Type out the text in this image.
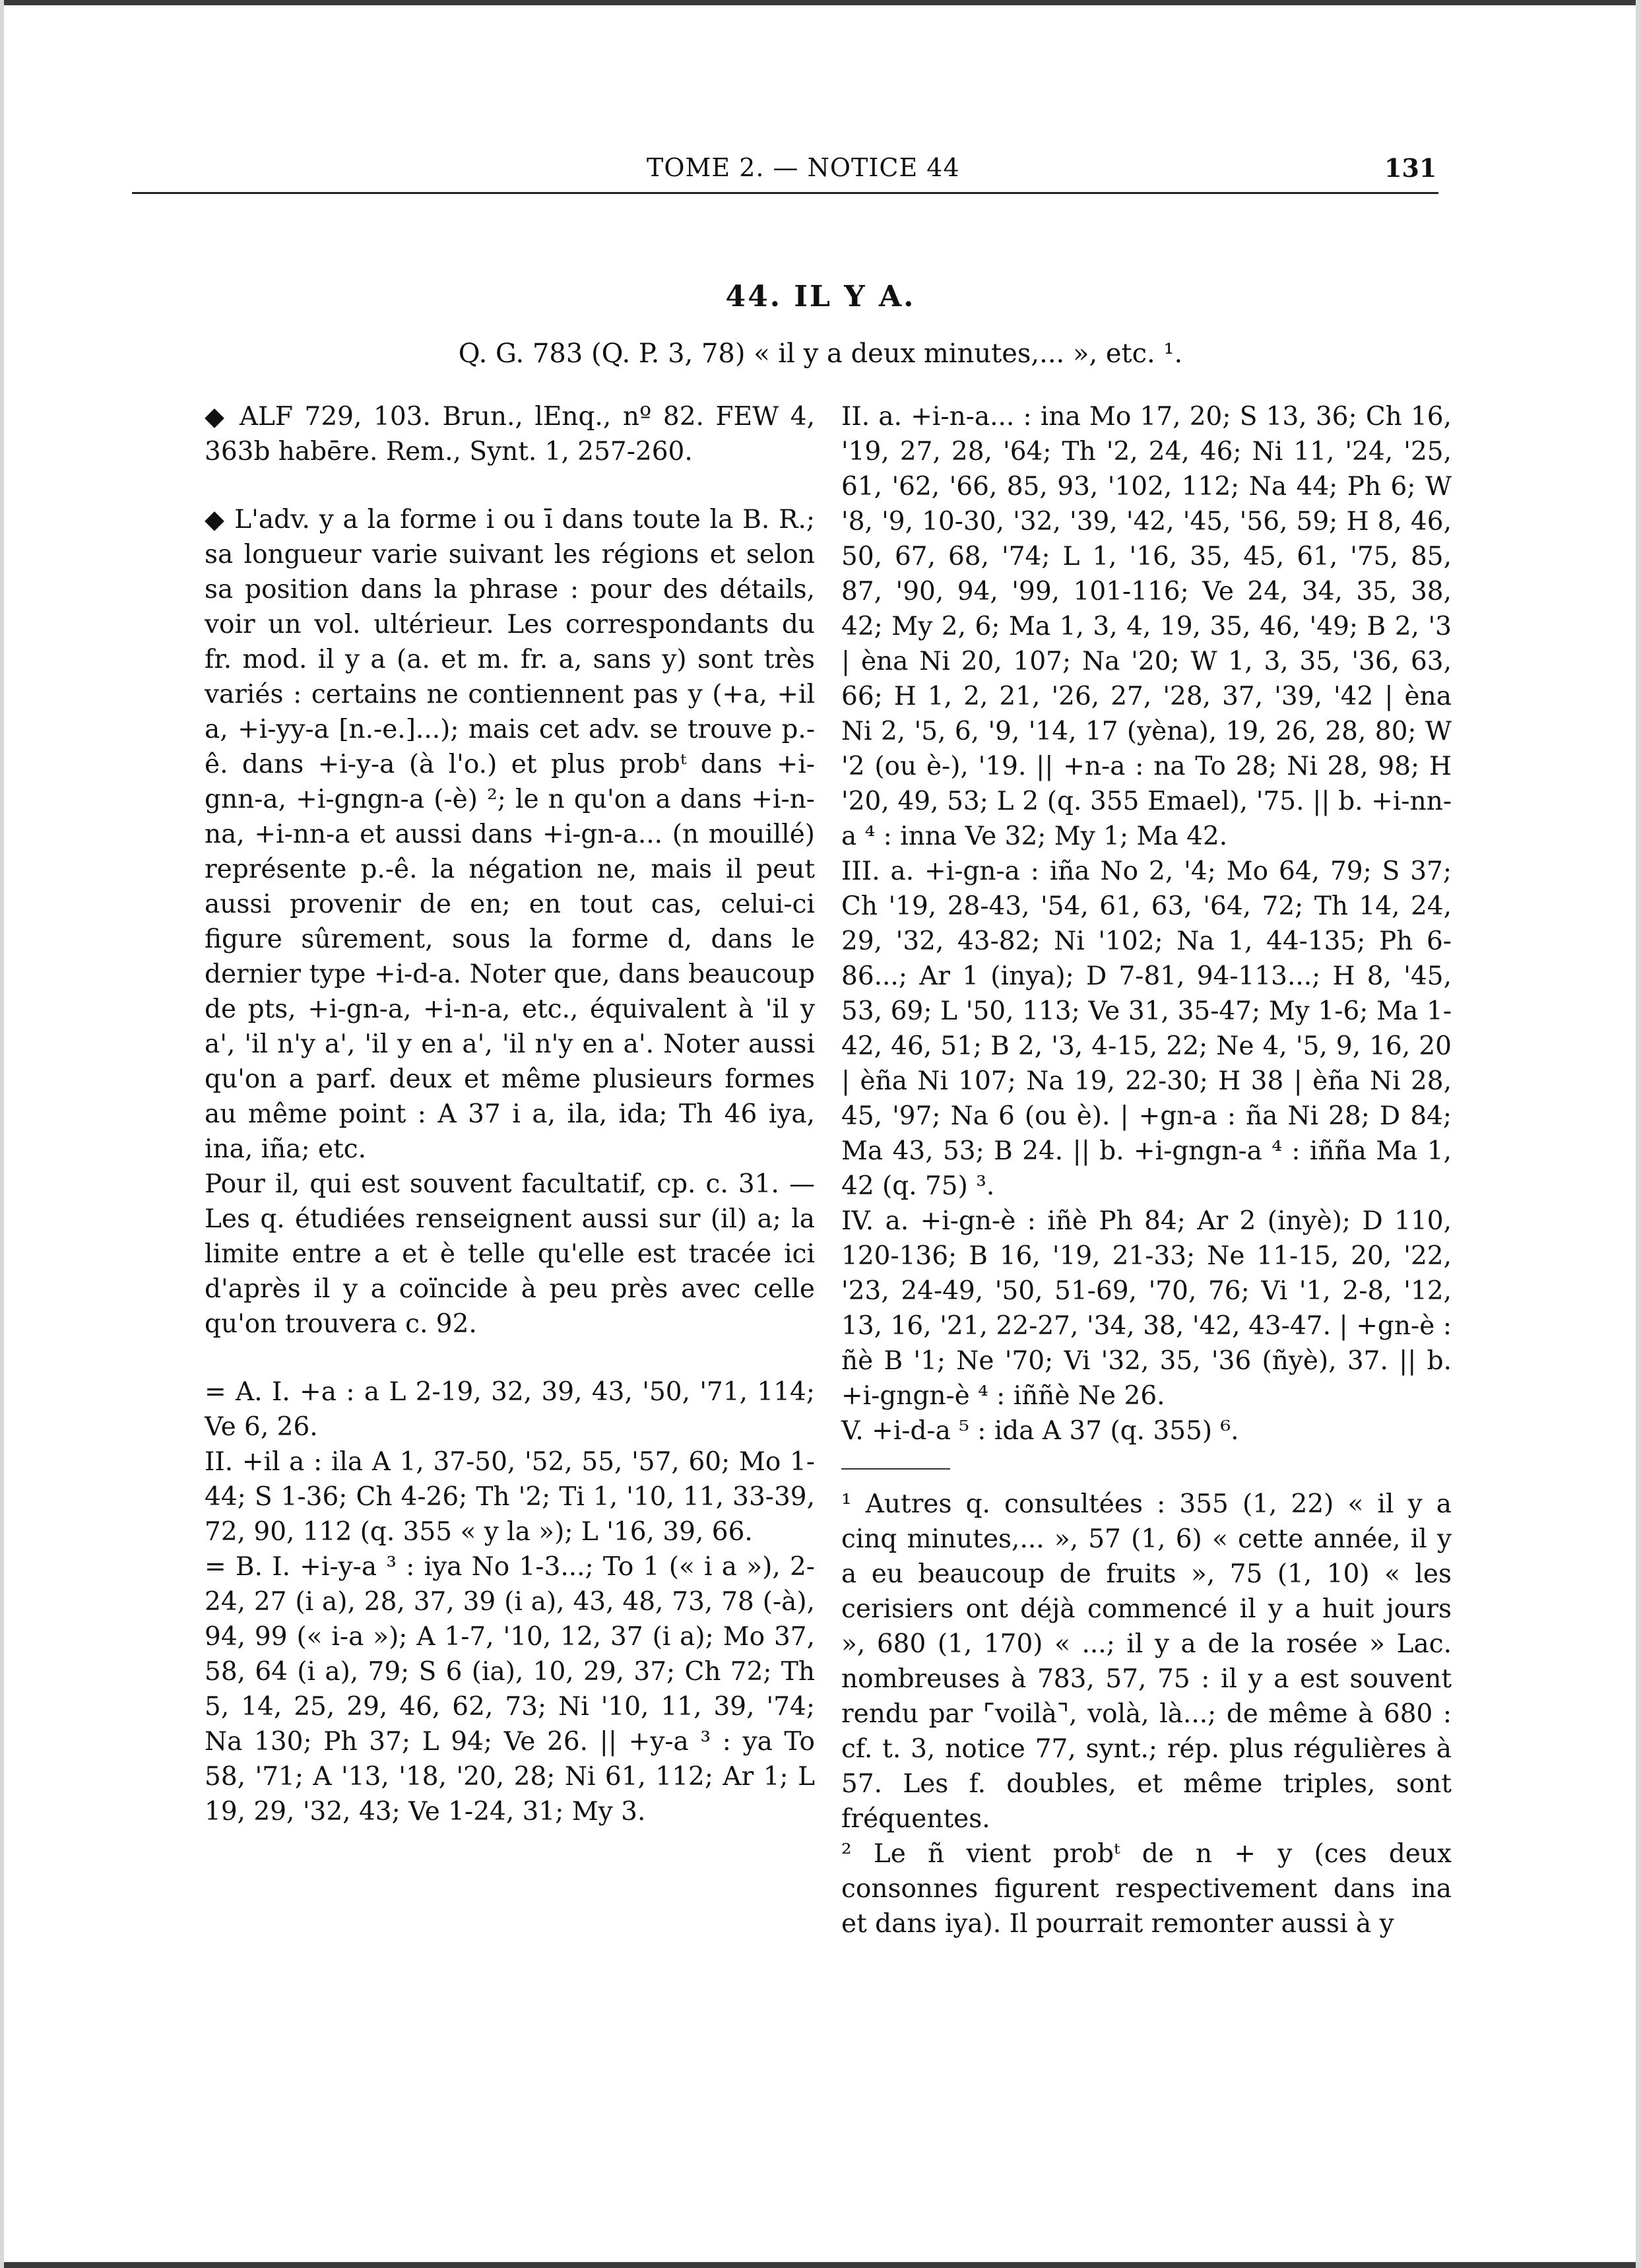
TOME 2. — NOTICE 44	131
44. IL Y A.
Q. G. 783 (Q. P. 3, 78) « il y a deux minutes,... », etc. ¹.

◆ ALF 729, 103. Brun., lEnq., nº 82. FEW 4, 363b habēre. Rem., Synt. 1, 257-260.

◆ L'adv. y a la forme i ou ī dans toute la B. R.; sa longueur varie suivant les régions et selon sa position dans la phrase : pour des détails, voir un vol. ultérieur. Les correspondants du fr. mod. il y a (a. et m. fr. a, sans y) sont très variés : certains ne contiennent pas y (+a, +il a, +i-yy-a [n.-e.]...); mais cet adv. se trouve p.-ê. dans +i-y-a (à l'o.) et plus probᵗ dans +i-gnn-a, +i-gngn-a (-è) ²; le n qu'on a dans +i-n-na, +i-nn-a et aussi dans +i-gn-a... (n mouillé) représente p.-ê. la négation ne, mais il peut aussi provenir de en; en tout cas, celui-ci figure sûrement, sous la forme d, dans le dernier type +i-d-a. Noter que, dans beaucoup de pts, +i-gn-a, +i-n-a, etc., équivalent à 'il y a', 'il n'y a', 'il y en a', 'il n'y en a'. Noter aussi qu'on a parf. deux et même plusieurs formes au même point : A 37 i a, ila, ida; Th 46 iya, ina, iña; etc.

Pour il, qui est souvent facultatif, cp. c. 31. — Les q. étudiées renseignent aussi sur (il) a; la limite entre a et è telle qu'elle est tracée ici d'après il y a coïncide à peu près avec celle qu'on trouvera c. 92.

= A. I. +a : a L 2-19, 32, 39, 43, '50, '71, 114; Ve 6, 26.

II. +il a : ila A 1, 37-50, '52, 55, '57, 60; Mo 1-44; S 1-36; Ch 4-26; Th '2; Ti 1, '10, 11, 33-39, 72, 90, 112 (q. 355 « y la »); L '16, 39, 66.

= B. I. +i-y-a ³ : iya No 1-3...; To 1 (« i a »), 2-24, 27 (i a), 28, 37, 39 (i a), 43, 48, 73, 78 (-à), 94, 99 (« i-a »); A 1-7, '10, 12, 37 (i a); Mo 37, 58, 64 (i a), 79; S 6 (ia), 10, 29, 37; Ch 72; Th 5, 14, 25, 29, 46, 62, 73; Ni '10, 11, 39, '74; Na 130; Ph 37; L 94; Ve 26. || +y-a ³ : ya To 58, '71; A '13, '18, '20, 28; Ni 61, 112; Ar 1; L 19, 29, '32, 43; Ve 1-24, 31; My 3.

II. a. +i-n-a... : ina Mo 17, 20; S 13, 36; Ch 16, '19, 27, 28, '64; Th '2, 24, 46; Ni 11, '24, '25, 61, '62, '66, 85, 93, '102, 112; Na 44; Ph 6; W '8, '9, 10-30, '32, '39, '42, '45, '56, 59; H 8, 46, 50, 67, 68, '74; L 1, '16, 35, 45, 61, '75, 85, 87, '90, 94, '99, 101-116; Ve 24, 34, 35, 38, 42; My 2, 6; Ma 1, 3, 4, 19, 35, 46, '49; B 2, '3 | èna Ni 20, 107; Na '20; W 1, 3, 35, '36, 63, 66; H 1, 2, 21, '26, 27, '28, 37, '39, '42 | èna Ni 2, '5, 6, '9, '14, 17 (yèna), 19, 26, 28, 80; W '2 (ou è-), '19. || +n-a : na To 28; Ni 28, 98; H '20, 49, 53; L 2 (q. 355 Emael), '75. || b. +i-nn-a ⁴ : inna Ve 32; My 1; Ma 42.

III. a. +i-gn-a : iña No 2, '4; Mo 64, 79; S 37; Ch '19, 28-43, '54, 61, 63, '64, 72; Th 14, 24, 29, '32, 43-82; Ni '102; Na 1, 44-135; Ph 6-86...; Ar 1 (inya); D 7-81, 94-113...; H 8, '45, 53, 69; L '50, 113; Ve 31, 35-47; My 1-6; Ma 1-42, 46, 51; B 2, '3, 4-15, 22; Ne 4, '5, 9, 16, 20 | èña Ni 107; Na 19, 22-30; H 38 | èña Ni 28, 45, '97; Na 6 (ou è). | +gn-a : ña Ni 28; D 84; Ma 43, 53; B 24. || b. +i-gngn-a ⁴ : iñña Ma 1, 42 (q. 75) ³.

IV. a. +i-gn-è : iñè Ph 84; Ar 2 (inyè); D 110, 120-136; B 16, '19, 21-33; Ne 11-15, 20, '22, '23, 24-49, '50, 51-69, '70, 76; Vi '1, 2-8, '12, 13, 16, '21, 22-27, '34, 38, '42, 43-47. | +gn-è : ñè B '1; Ne '70; Vi '32, 35, '36 (ñyè), 37. || b. +i-gngn-è ⁴ : iññè Ne 26.

V. +i-d-a ⁵ : ida A 37 (q. 355) ⁶.

¹ Autres q. consultées : 355 (1, 22) « il y a cinq minutes,... », 57 (1, 6) « cette année, il y a eu beaucoup de fruits », 75 (1, 10) « les cerisiers ont déjà commencé il y a huit jours », 680 (1, 170) « ...; il y a de la rosée » Lac. nombreuses à 783, 57, 75 : il y a est souvent rendu par ⌜voilà⌝, volà, là...; de même à 680 : cf. t. 3, notice 77, synt.; rép. plus régulières à 57. Les f. doubles, et même triples, sont fréquentes.

² Le ñ vient probᵗ de n + y (ces deux consonnes figurent respectivement dans ina et dans iya). Il pourrait remonter aussi à y
